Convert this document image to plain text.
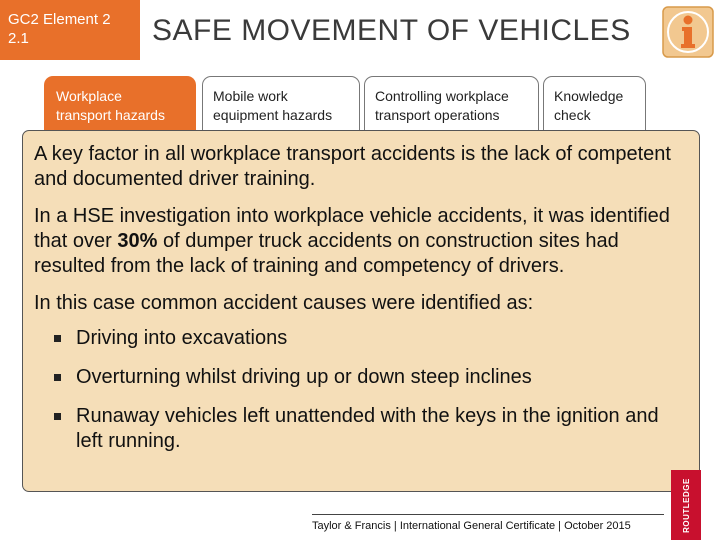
GC2 Element 2
2.1	SAFE MOVEMENT OF VEHICLES
Workplace
transport hazards
Mobile work
equipment hazards
Controlling workplace
transport operations
Knowledge
check

A key factor in all workplace transport accidents is the lack of competent and documented driver training.

In a HSE investigation into workplace vehicle accidents, it was identified that over 30% of dumper truck accidents on construction sites had resulted from the lack of training and competency of drivers.

In this case common accident causes were identified as:

Driving into excavations
Overturning whilst driving up or down steep inclines
Runaway vehicles left unattended with the keys in the ignition and left running.
Taylor & Francis | International General Certificate | October 2015	ROUTLEDGE
